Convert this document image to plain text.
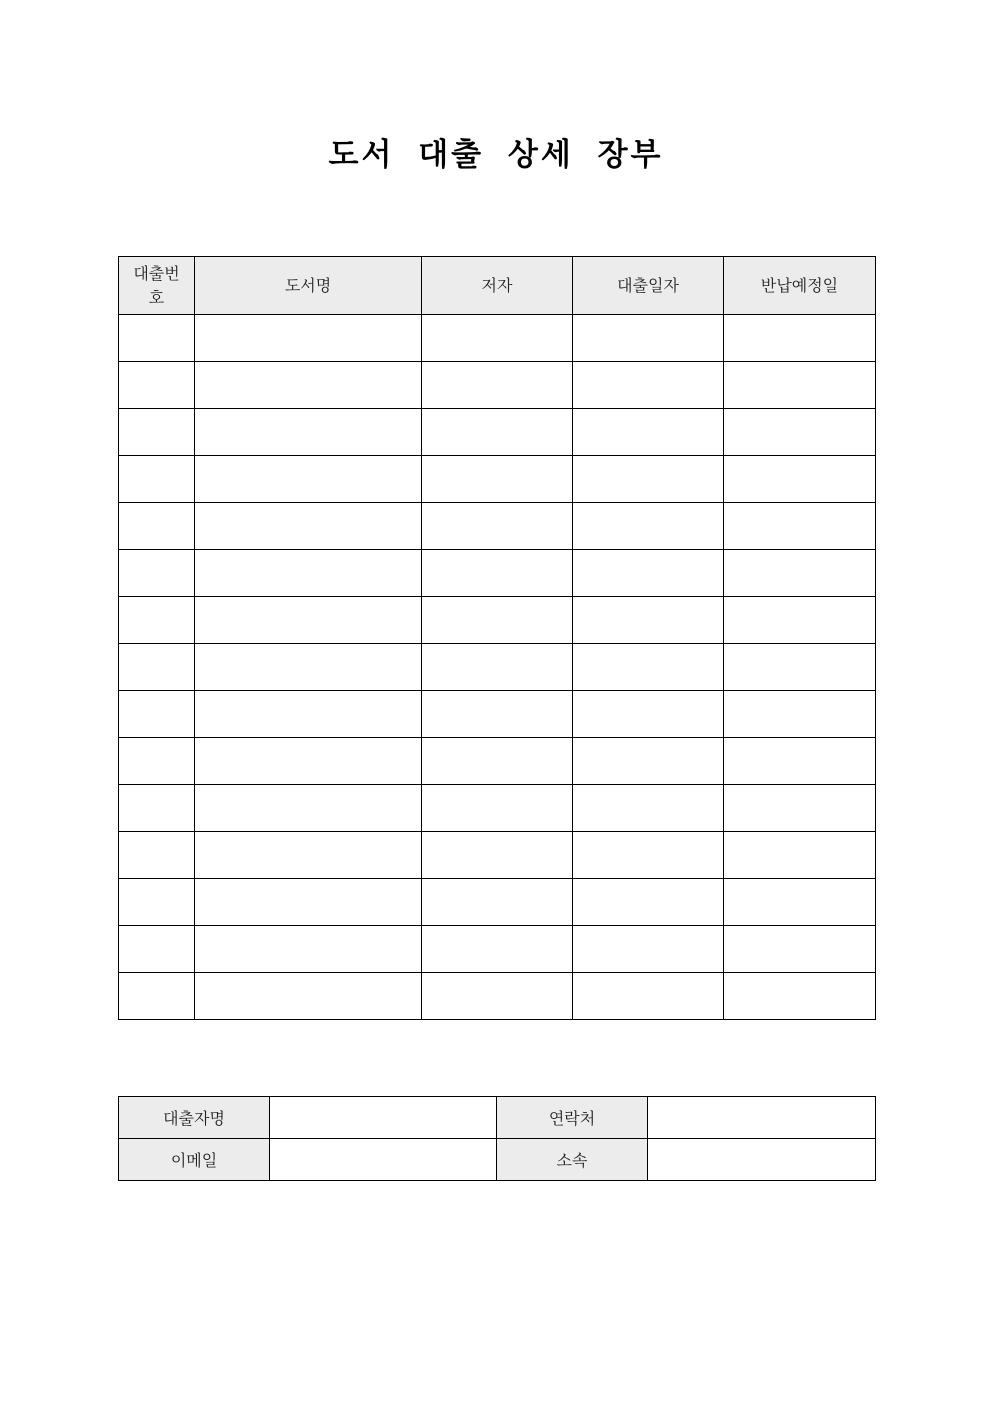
도서 대출 상세 장부
대출번
호	도서명	저자	대출일자	반납예정일

대출자명		연락처	
이메일		소속	
